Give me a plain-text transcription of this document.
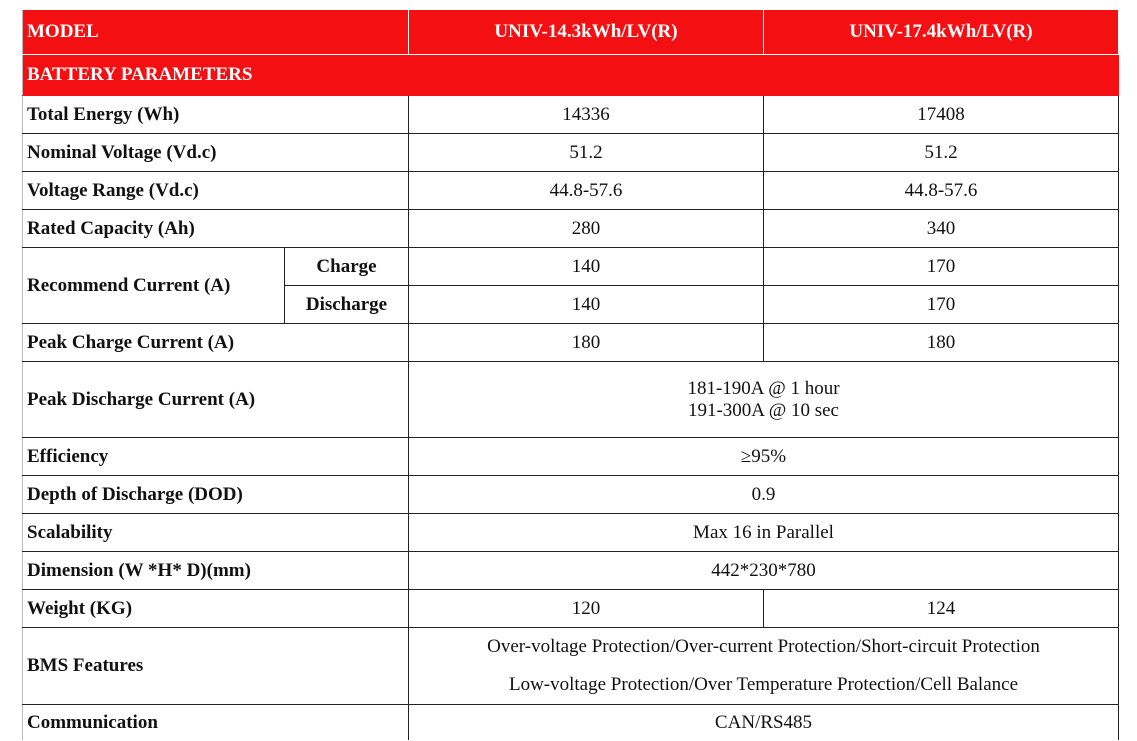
MODEL		UNIV-14.3kWh/LV(R)	UNIV-17.4kWh/LV(R)
BATTERY PARAMETERS			
Total Energy (Wh)		14336	17408
Nominal Voltage (Vd.c)		51.2	51.2
Voltage Range (Vd.c)		44.8-57.6	44.8-57.6
Rated Capacity (Ah)		280	340
Recommend Current (A)	Charge	140	170
	Discharge	140	170
Peak Charge Current (A)		180	180
Peak Discharge Current (A)		181-190A @ 1 hour
191-300A @ 10 sec	

Efficiency		≥95%	
Depth of Discharge (DOD)		0.9	
Scalability		Max 16 in Parallel	
Dimension (W *H* D)(mm)		442*230*780	
Weight (KG)		120	124
BMS Features		Over-voltage Protection/Over-current Protection/Short-circuit Protection
Low-voltage Protection/Over Temperature Protection/Cell Balance	

Communication		CAN/RS485	
